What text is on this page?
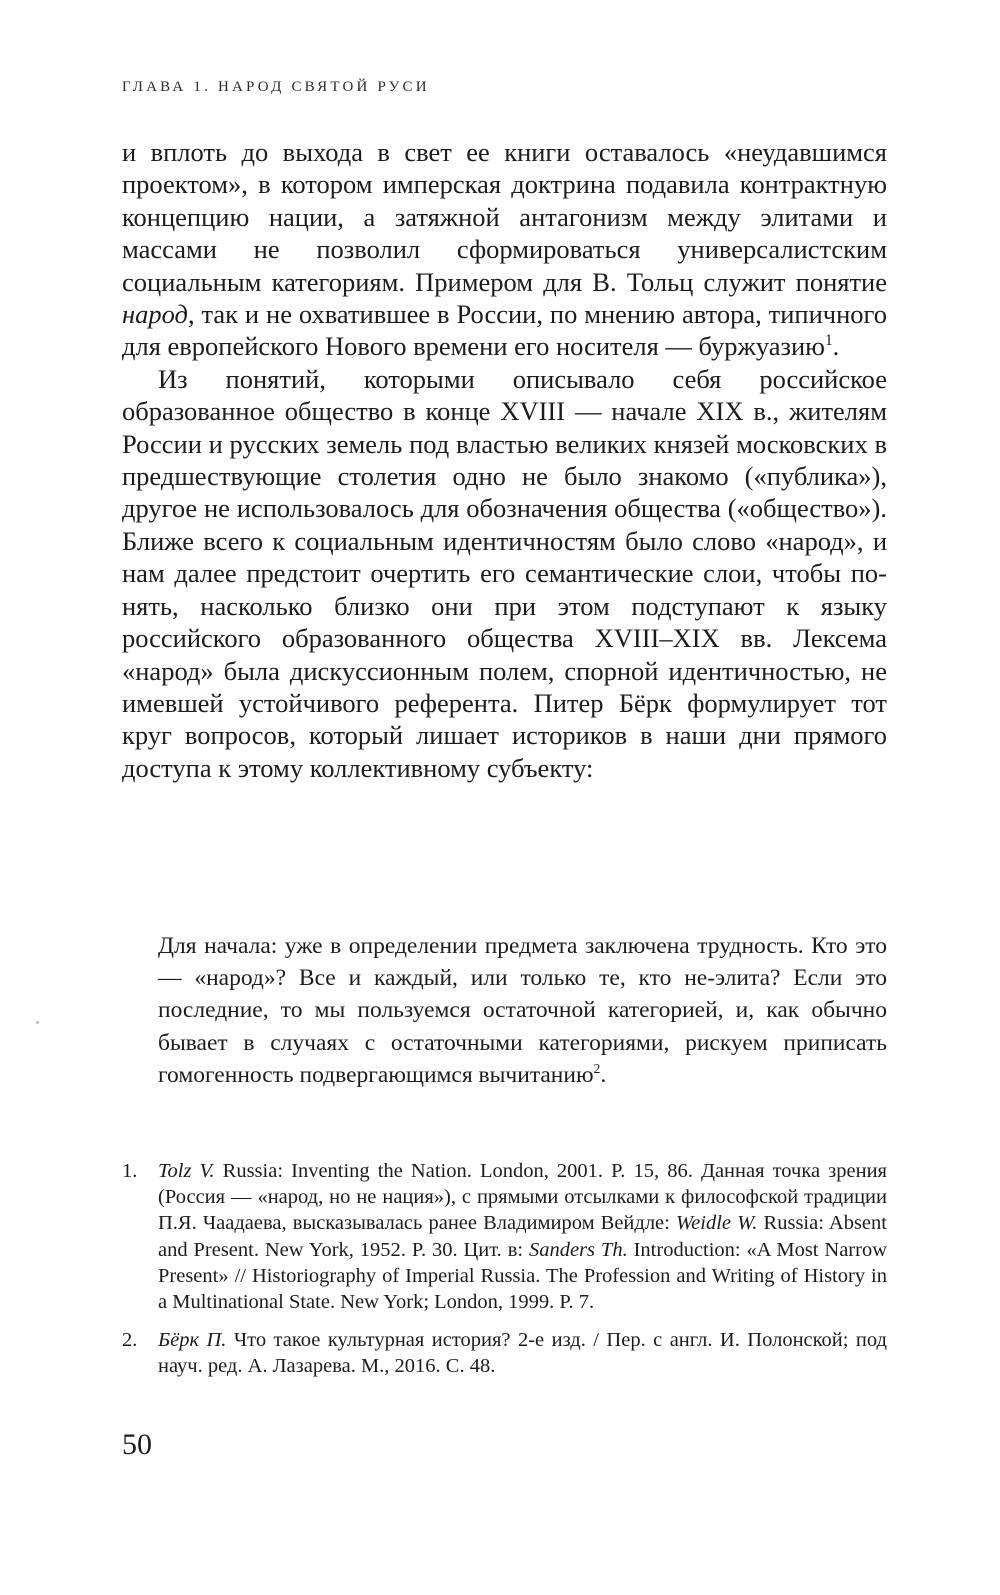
ГЛАВА 1. НАРОД СВЯТОЙ РУСИ

и вплоть до выхода в свет ее книги оставалось «неудавшимся проектом», в котором имперская доктрина подавила контрактную концепцию нации, а затяжной антагонизм между элитами и массами не позволил сформироваться универсалистским социальным категориям. Примером для В. Тольц служит понятие народ, так и не охватившее в России, по мнению автора, типичного для европейского Нового времени его носителя — буржуазию$^1$.

Из понятий, которыми описывало себя российское образованное общество в конце XVIII — начале XIX в., жителям России и русских земель под властью великих князей московских в предшествующие столетия одно не было знакомо («публика»), другое не использовалось для обозначения общества («общество»). Ближе всего к социальным идентичностям было слово «народ», и нам далее предстоит очертить его семантические слои, чтобы понять, насколько близко они при этом подступают к языку российского образованного общества XVIII–XIX вв. Лексема «народ» была дискуссионным полем, спорной идентичностью, не имевшей устойчивого референта. Питер Бёрк формулирует тот круг вопросов, который лишает историков в наши дни прямого доступа к этому коллективному субъекту:

Для начала: уже в определении предмета заключена трудность. Кто это — «народ»? Все и каждый, или только те, кто не-элита? Если это последние, то мы пользуемся остаточной категорией, и, как обычно бывает в случаях с остаточными категориями, рискуем приписать гомогенность подвергающимся вычитанию$^2$.

1. Tolz V. Russia: Inventing the Nation. London, 2001. P. 15, 86. Данная точка зрения (Россия — «народ, но не нация»), с прямыми отсылками к философской традиции П.Я. Чаадаева, высказывалась ранее Владимиром Вейдле: Weidle W. Russia: Absent and Present. New York, 1952. P. 30. Цит. в: Sanders Th. Introduction: «A Most Narrow Present» // Historiography of Imperial Russia. The Profession and Writing of History in a Multinational State. New York; London, 1999. P. 7.
2. Бёрк П. Что такое культурная история? 2-е изд. / Пер. с англ. И. Полонской; под науч. ред. А. Лазарева. М., 2016. С. 48.
50
